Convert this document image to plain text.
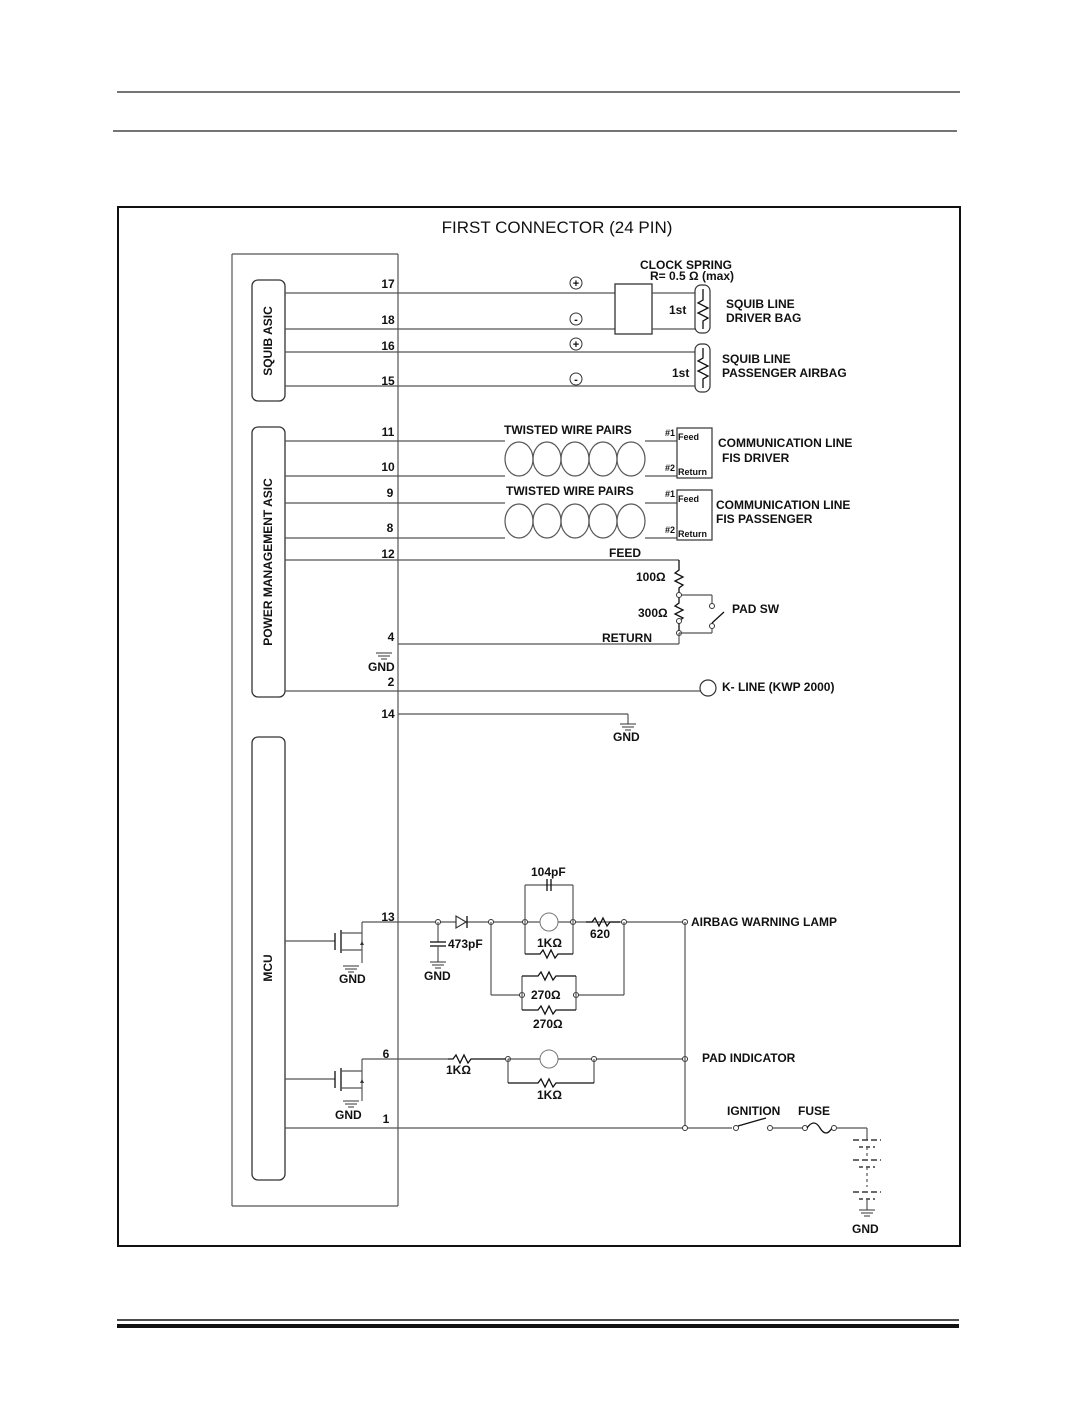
FIRST CONNECTOR (24 PIN)
SQUIB ASIC
POWER MANAGEMENT ASIC
MCU
17
18
16
15
11
10
9
8
12
4
2
14
13
6
1
+
-
+
-
CLOCK SPRING
R= 0.5 Ω (max)
1st
1st
SQUIB LINE
DRIVER BAG
SQUIB LINE
PASSENGER AIRBAG
TWISTED WIRE PAIRS
TWISTED WIRE PAIRS
#1
#2
Feed
Return
#1
#2
Feed
Return
COMMUNICATION LINE
FIS DRIVER
COMMUNICATION LINE
FIS PASSENGER
FEED
100Ω
300Ω	PAD SW
RETURN
GND
K- LINE (KWP 2000)
GND
104pF
620
1KΩ
473pF
GND
GND
AIRBAG WARNING LAMP
270Ω
270Ω
PAD INDICATOR
1KΩ
1KΩ
GND	IGNITION FUSE
GND
